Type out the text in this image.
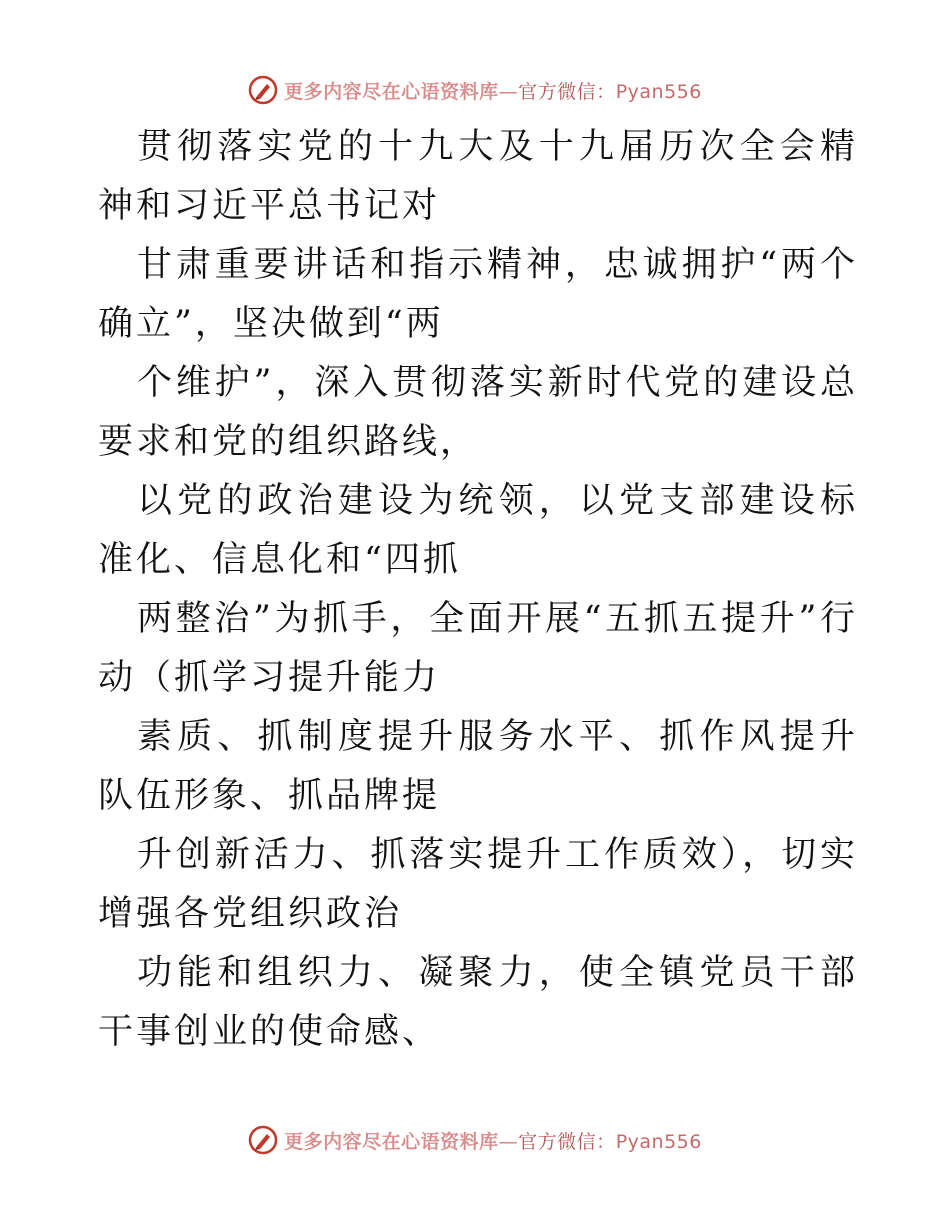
更多内容尽在心语资料库—官方微信：Pyan556

贯彻落实党的十九大及十九届历次全会精神和习近平总书记对

甘肃重要讲话和指示精神，忠诚拥护“两个确立”，坚决做到“两

个维护”，深入贯彻落实新时代党的建设总要求和党的组织路线，

以党的政治建设为统领，以党支部建设标准化、信息化和“四抓

两整治”为抓手，全面开展“五抓五提升”行动（抓学习提升能力

素质、抓制度提升服务水平、抓作风提升队伍形象、抓品牌提

升创新活力、抓落实提升工作质效），切实增强各党组织政治

功能和组织力、凝聚力，使全镇党员干部干事创业的使命感、

更多内容尽在心语资料库—官方微信：Pyan556
